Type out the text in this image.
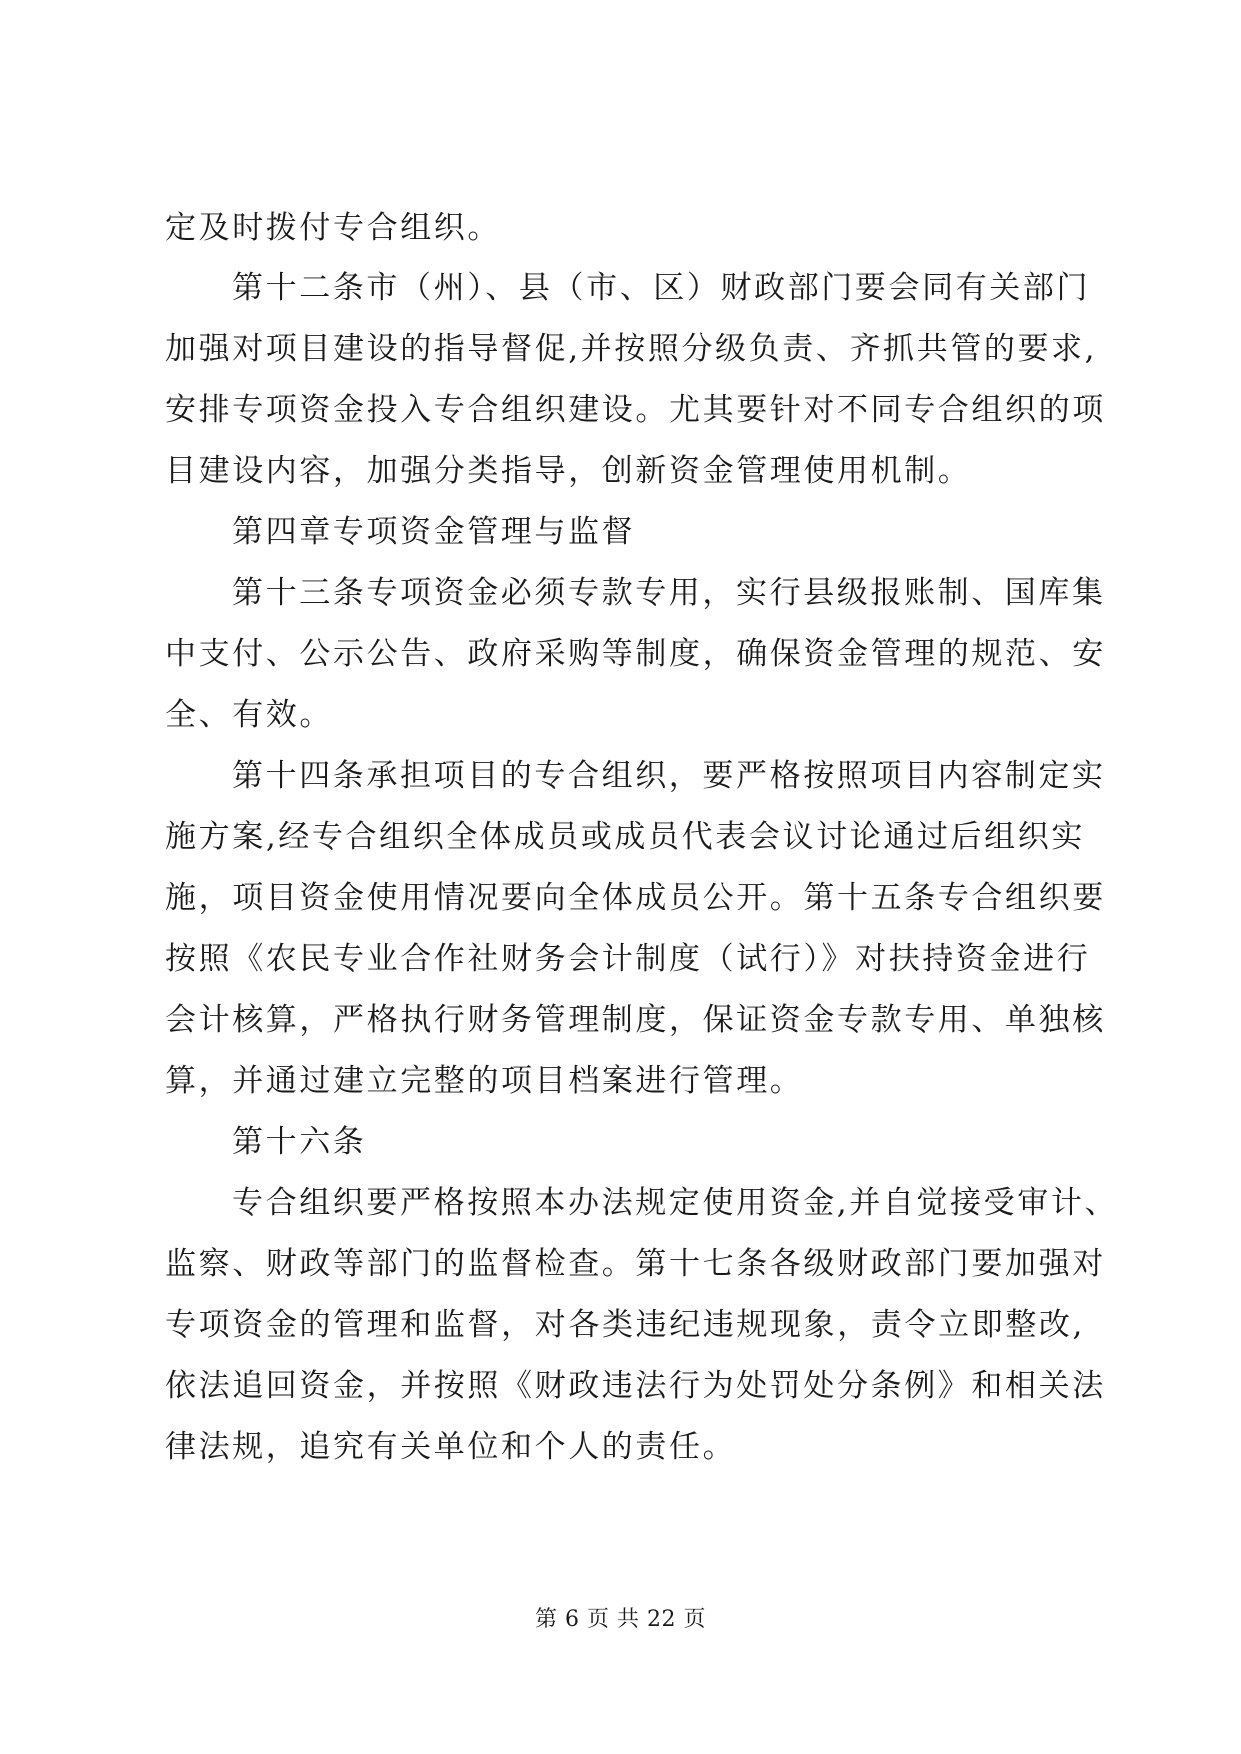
定及时拨付专合组织。
第十二条市（州）、县（市、区）财政部门要会同有关部门
加强对项目建设的指导督促,并按照分级负责、齐抓共管的要求,
安排专项资金投入专合组织建设。尤其要针对不同专合组织的项
目建设内容，加强分类指导，创新资金管理使用机制。
第四章专项资金管理与监督
第十三条专项资金必须专款专用，实行县级报账制、国库集
中支付、公示公告、政府采购等制度，确保资金管理的规范、安
全、有效。
第十四条承担项目的专合组织，要严格按照项目内容制定实
施方案,经专合组织全体成员或成员代表会议讨论通过后组织实
施，项目资金使用情况要向全体成员公开。第十五条专合组织要
按照《农民专业合作社财务会计制度（试行）》对扶持资金进行
会计核算，严格执行财务管理制度，保证资金专款专用、单独核
算，并通过建立完整的项目档案进行管理。
第十六条
专合组织要严格按照本办法规定使用资金,并自觉接受审计、
监察、财政等部门的监督检查。第十七条各级财政部门要加强对
专项资金的管理和监督，对各类违纪违规现象，责令立即整改,
依法追回资金，并按照《财政违法行为处罚处分条例》和相关法
律法规，追究有关单位和个人的责任。
第 6 页 共 22 页
